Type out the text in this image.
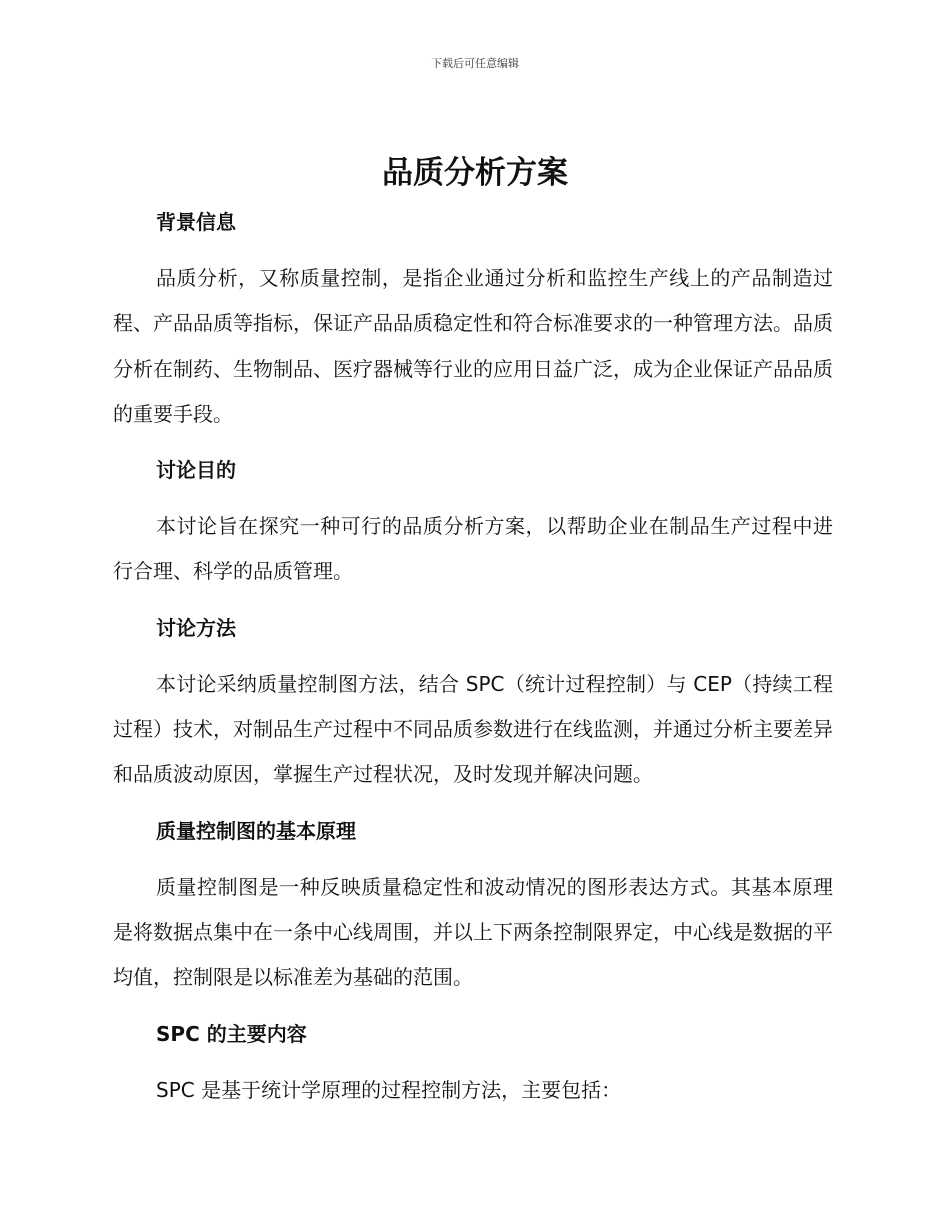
下载后可任意编辑
品质分析方案
背景信息

品质分析，又称质量控制，是指企业通过分析和监控生产线上的产品制造过程、产品品质等指标，保证产品品质稳定性和符合标准要求的一种管理方法。品质分析在制药、生物制品、医疗器械等行业的应用日益广泛，成为企业保证产品品质的重要手段。

讨论目的

本讨论旨在探究一种可行的品质分析方案，以帮助企业在制品生产过程中进行合理、科学的品质管理。

讨论方法

本讨论采纳质量控制图方法，结合 SPC（统计过程控制）与 CEP（持续工程过程）技术，对制品生产过程中不同品质参数进行在线监测，并通过分析主要差异和品质波动原因，掌握生产过程状况，及时发现并解决问题。

质量控制图的基本原理

质量控制图是一种反映质量稳定性和波动情况的图形表达方式。其基本原理是将数据点集中在一条中心线周围，并以上下两条控制限界定，中心线是数据的平均值，控制限是以标准差为基础的范围。

SPC 的主要内容

SPC 是基于统计学原理的过程控制方法，主要包括：
